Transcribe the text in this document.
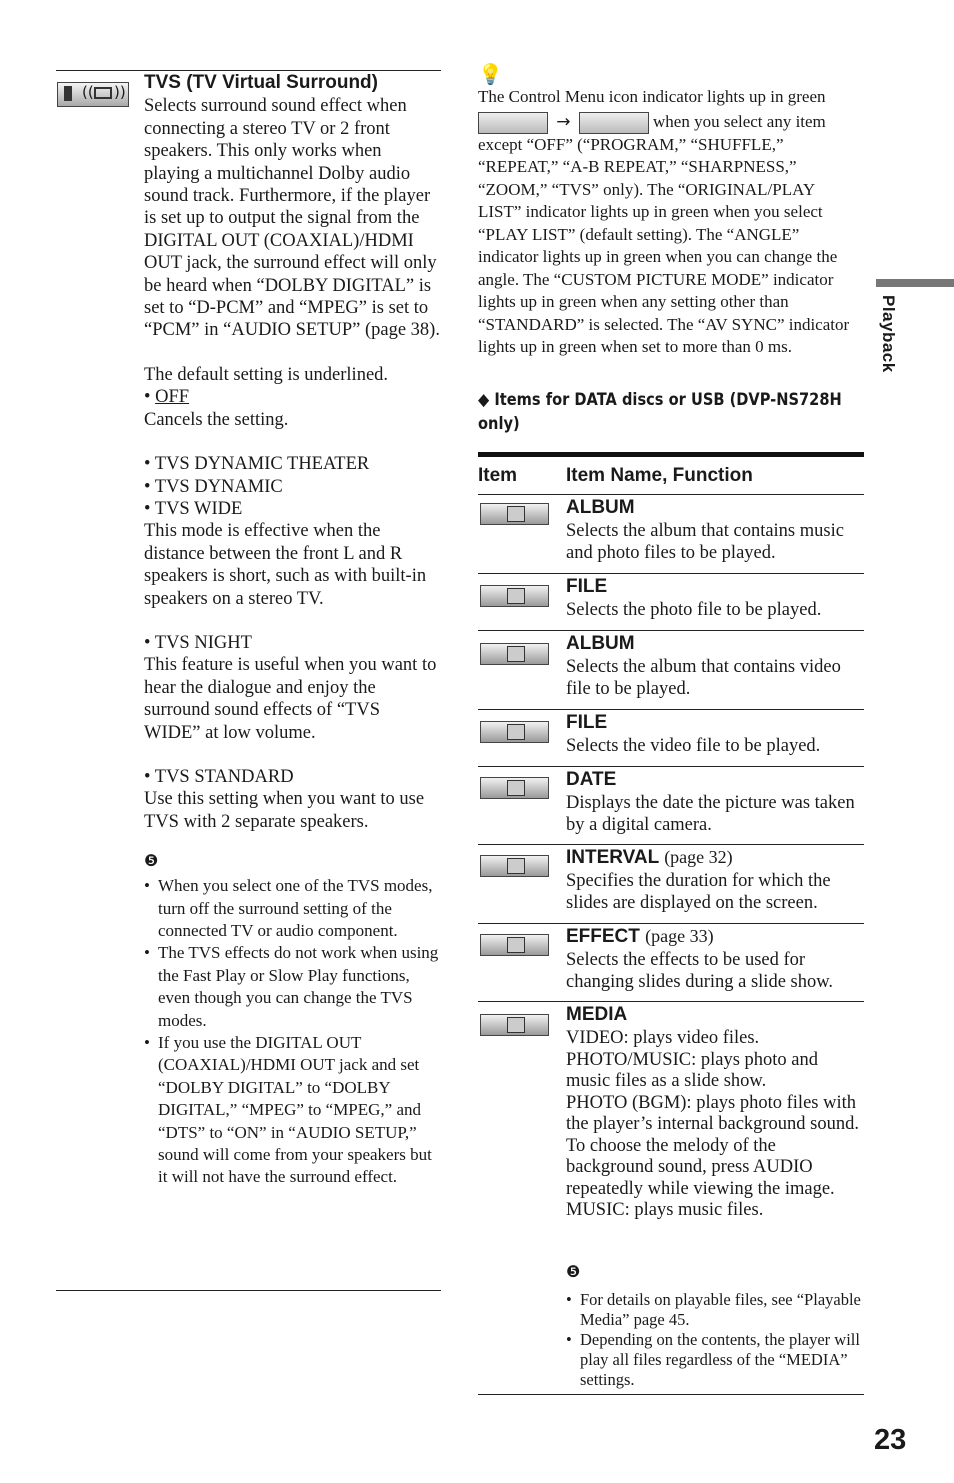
(( )) TVS (TV Virtual Surround)

Selects surround sound effect when connecting a stereo TV or 2 front speakers. This only works when playing a multichannel Dolby audio sound track. Furthermore, if the player is set up to output the signal from the DIGITAL OUT (COAXIAL)/HDMI OUT jack, the surround effect will only be heard when “DOLBY DIGITAL” is set to “D-PCM” and “MPEG” is set to “PCM” in “AUDIO SETUP” (page 38).

The default setting is underlined.

• OFF

Cancels the setting.

• TVS DYNAMIC THEATER

• TVS DYNAMIC

• TVS WIDE

This mode is effective when the distance between the front L and R speakers is short, such as with built-in speakers on a stereo TV.

• TVS NIGHT

This feature is useful when you want to hear the dialogue and enjoy the surround sound effects of “TVS WIDE” at low volume.

• TVS STANDARD

Use this setting when you want to use TVS with 2 separate speakers.

❺
• When you select one of the TVS modes, turn off the surround setting of the connected TV or audio component.
• The TVS effects do not work when using the Fast Play or Slow Play functions, even though you can change the TVS modes.
• If you use the DIGITAL OUT (COAXIAL)/HDMI OUT jack and set “DOLBY DIGITAL” to “DOLBY DIGITAL,” “MPEG” to “MPEG,” and “DTS” to “ON” in “AUDIO SETUP,” sound will come from your speakers but it will not have the surround effect.
💡
The Control Menu icon indicator lights up in green
→	when you select any item except “OFF” (“PROGRAM,” “SHUFFLE,” “REPEAT,” “A-B REPEAT,” “SHARPNESS,” “ZOOM,” “TVS” only). The “ORIGINAL/PLAY LIST” indicator lights up in green when you select “PLAY LIST” (default setting). The “ANGLE” indicator lights up in green when you can change the angle. The “CUSTOM PICTURE MODE” indicator lights up in green when any setting other than “STANDARD” is selected. The “AV SYNC” indicator lights up in green when set to more than 0 ms.
◆ Items for DATA discs or USB (DVP-NS728H only)
Item	Item Name, Function
ALBUM
Selects the album that contains music and photo files to be played.
FILE
Selects the photo file to be played.
ALBUM
Selects the album that contains video file to be played.
FILE
Selects the video file to be played.
DATE
Displays the date the picture was taken by a digital camera.
INTERVAL (page 32)
Specifies the duration for which the slides are displayed on the screen.
EFFECT (page 33)
Selects the effects to be used for changing slides during a slide show.
MEDIA
VIDEO: plays video files.
PHOTO/MUSIC: plays photo and music files as a slide show.
PHOTO (BGM): plays photo files with the player’s internal background sound. To choose the melody of the background sound, press AUDIO repeatedly while viewing the image.
MUSIC: plays music files.
❺
• For details on playable files, see “Playable Media” page 45.
• Depending on the contents, the player will play all files regardless of the “MEDIA” settings.
Playback
23
